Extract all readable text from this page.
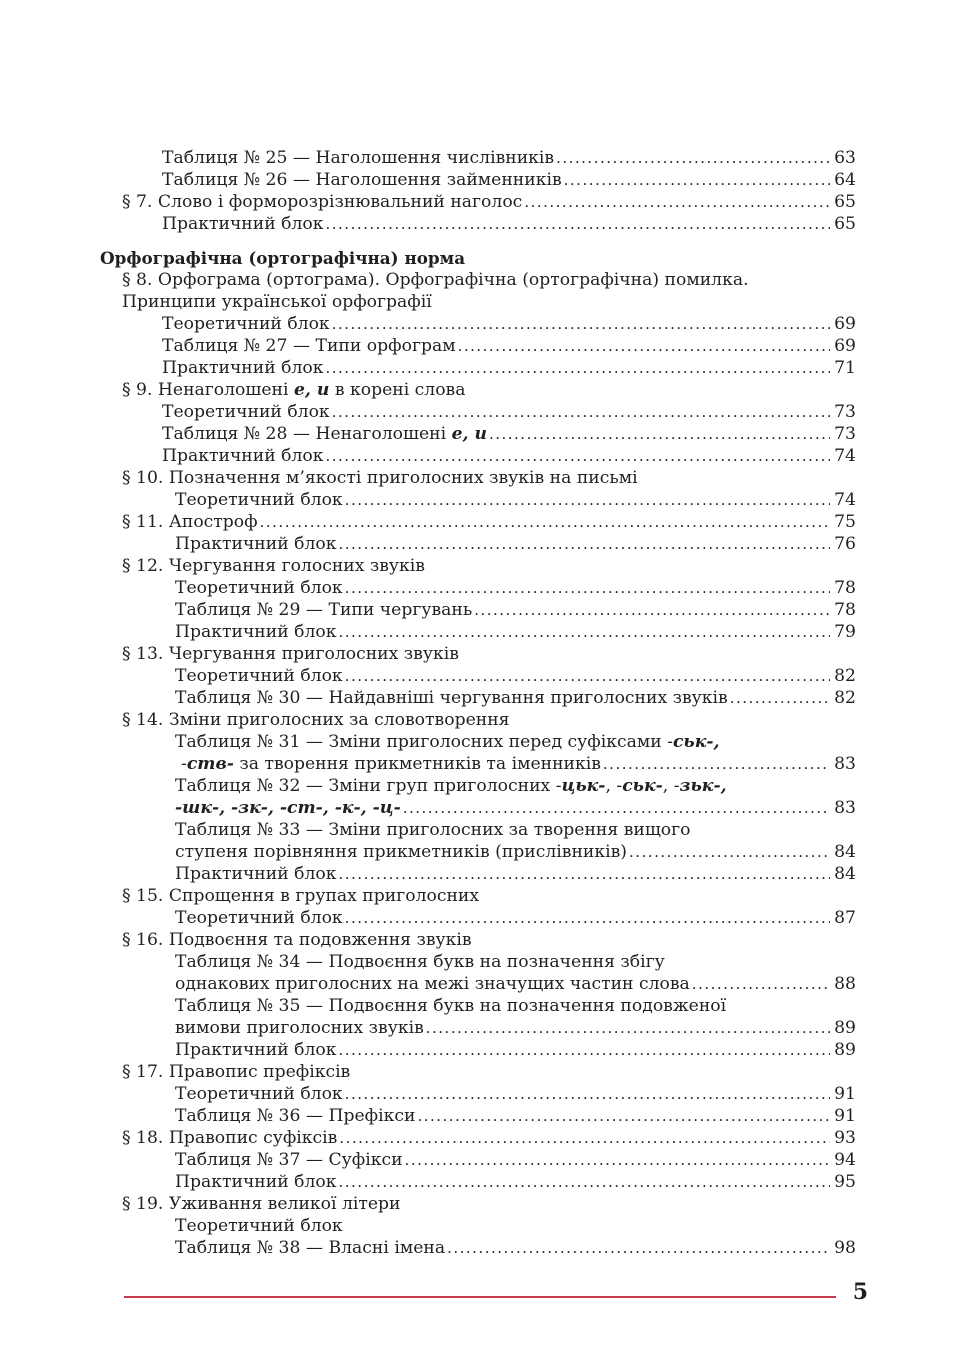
Таблиця № 25 — Наголошення числівників .....	63
Таблиця № 26 — Наголошення займенників .....	64
§ 7. Слово і форморозрізнювальний наголос .....	65
Практичний блок .....	65
Орфографічна (ортографічна) норма
§ 8. Орфограма (ортограма). Орфографічна (ортографічна) помилка.
Принципи української орфографії
Теоретичний блок .....	69
Таблиця № 27 — Типи орфограм .....	69
Практичний блок .....	71
§ 9. Ненаголошені е, и в корені слова
Теоретичний блок .....	73
Таблиця № 28 — Ненаголошені е, и .....	73
Практичний блок .....	74
§ 10. Позначення м’якості приголосних звуків на письмі
Теоретичний блок .....	74
§ 11. Апостроф .....	75
Практичний блок .....	76
§ 12. Чергування голосних звуків
Теоретичний блок .....	78
Таблиця № 29 — Типи чергувань .....	78
Практичний блок .....	79
§ 13. Чергування приголосних звуків
Теоретичний блок .....	82
Таблиця № 30 — Найдавніші чергування приголосних звуків .....	82
§ 14. Зміни приголосних за словотворення
Таблиця № 31 — Зміни приголосних перед суфіксами -ськ-,
-ств- за творення прикметників та іменників .....	83
Таблиця № 32 — Зміни груп приголосних -цьк-, -ськ-, -зьк-,
-шк-, -зк-, -ст-, -к-, -ц- .....	83
Таблиця № 33 — Зміни приголосних за творення вищого
ступеня порівняння прикметників (прислівників) .....	84
Практичний блок .....	84
§ 15. Спрощення в групах приголосних
Теоретичний блок .....	87
§ 16. Подвоєння та подовження звуків
Таблиця № 34 — Подвоєння букв на позначення збігу
однакових приголосних на межі значущих частин слова .....	88
Таблиця № 35 — Подвоєння букв на позначення подовженої
вимови приголосних звуків .....	89
Практичний блок .....	89
§ 17. Правопис префіксів
Теоретичний блок .....	91
Таблиця № 36 — Префікси .....	91
§ 18. Правопис суфіксів .....	93
Таблиця № 37 — Суфікси .....	94
Практичний блок .....	95
§ 19. Уживання великої літери
Теоретичний блок
Таблиця № 38 — Власні імена .....	98
5
